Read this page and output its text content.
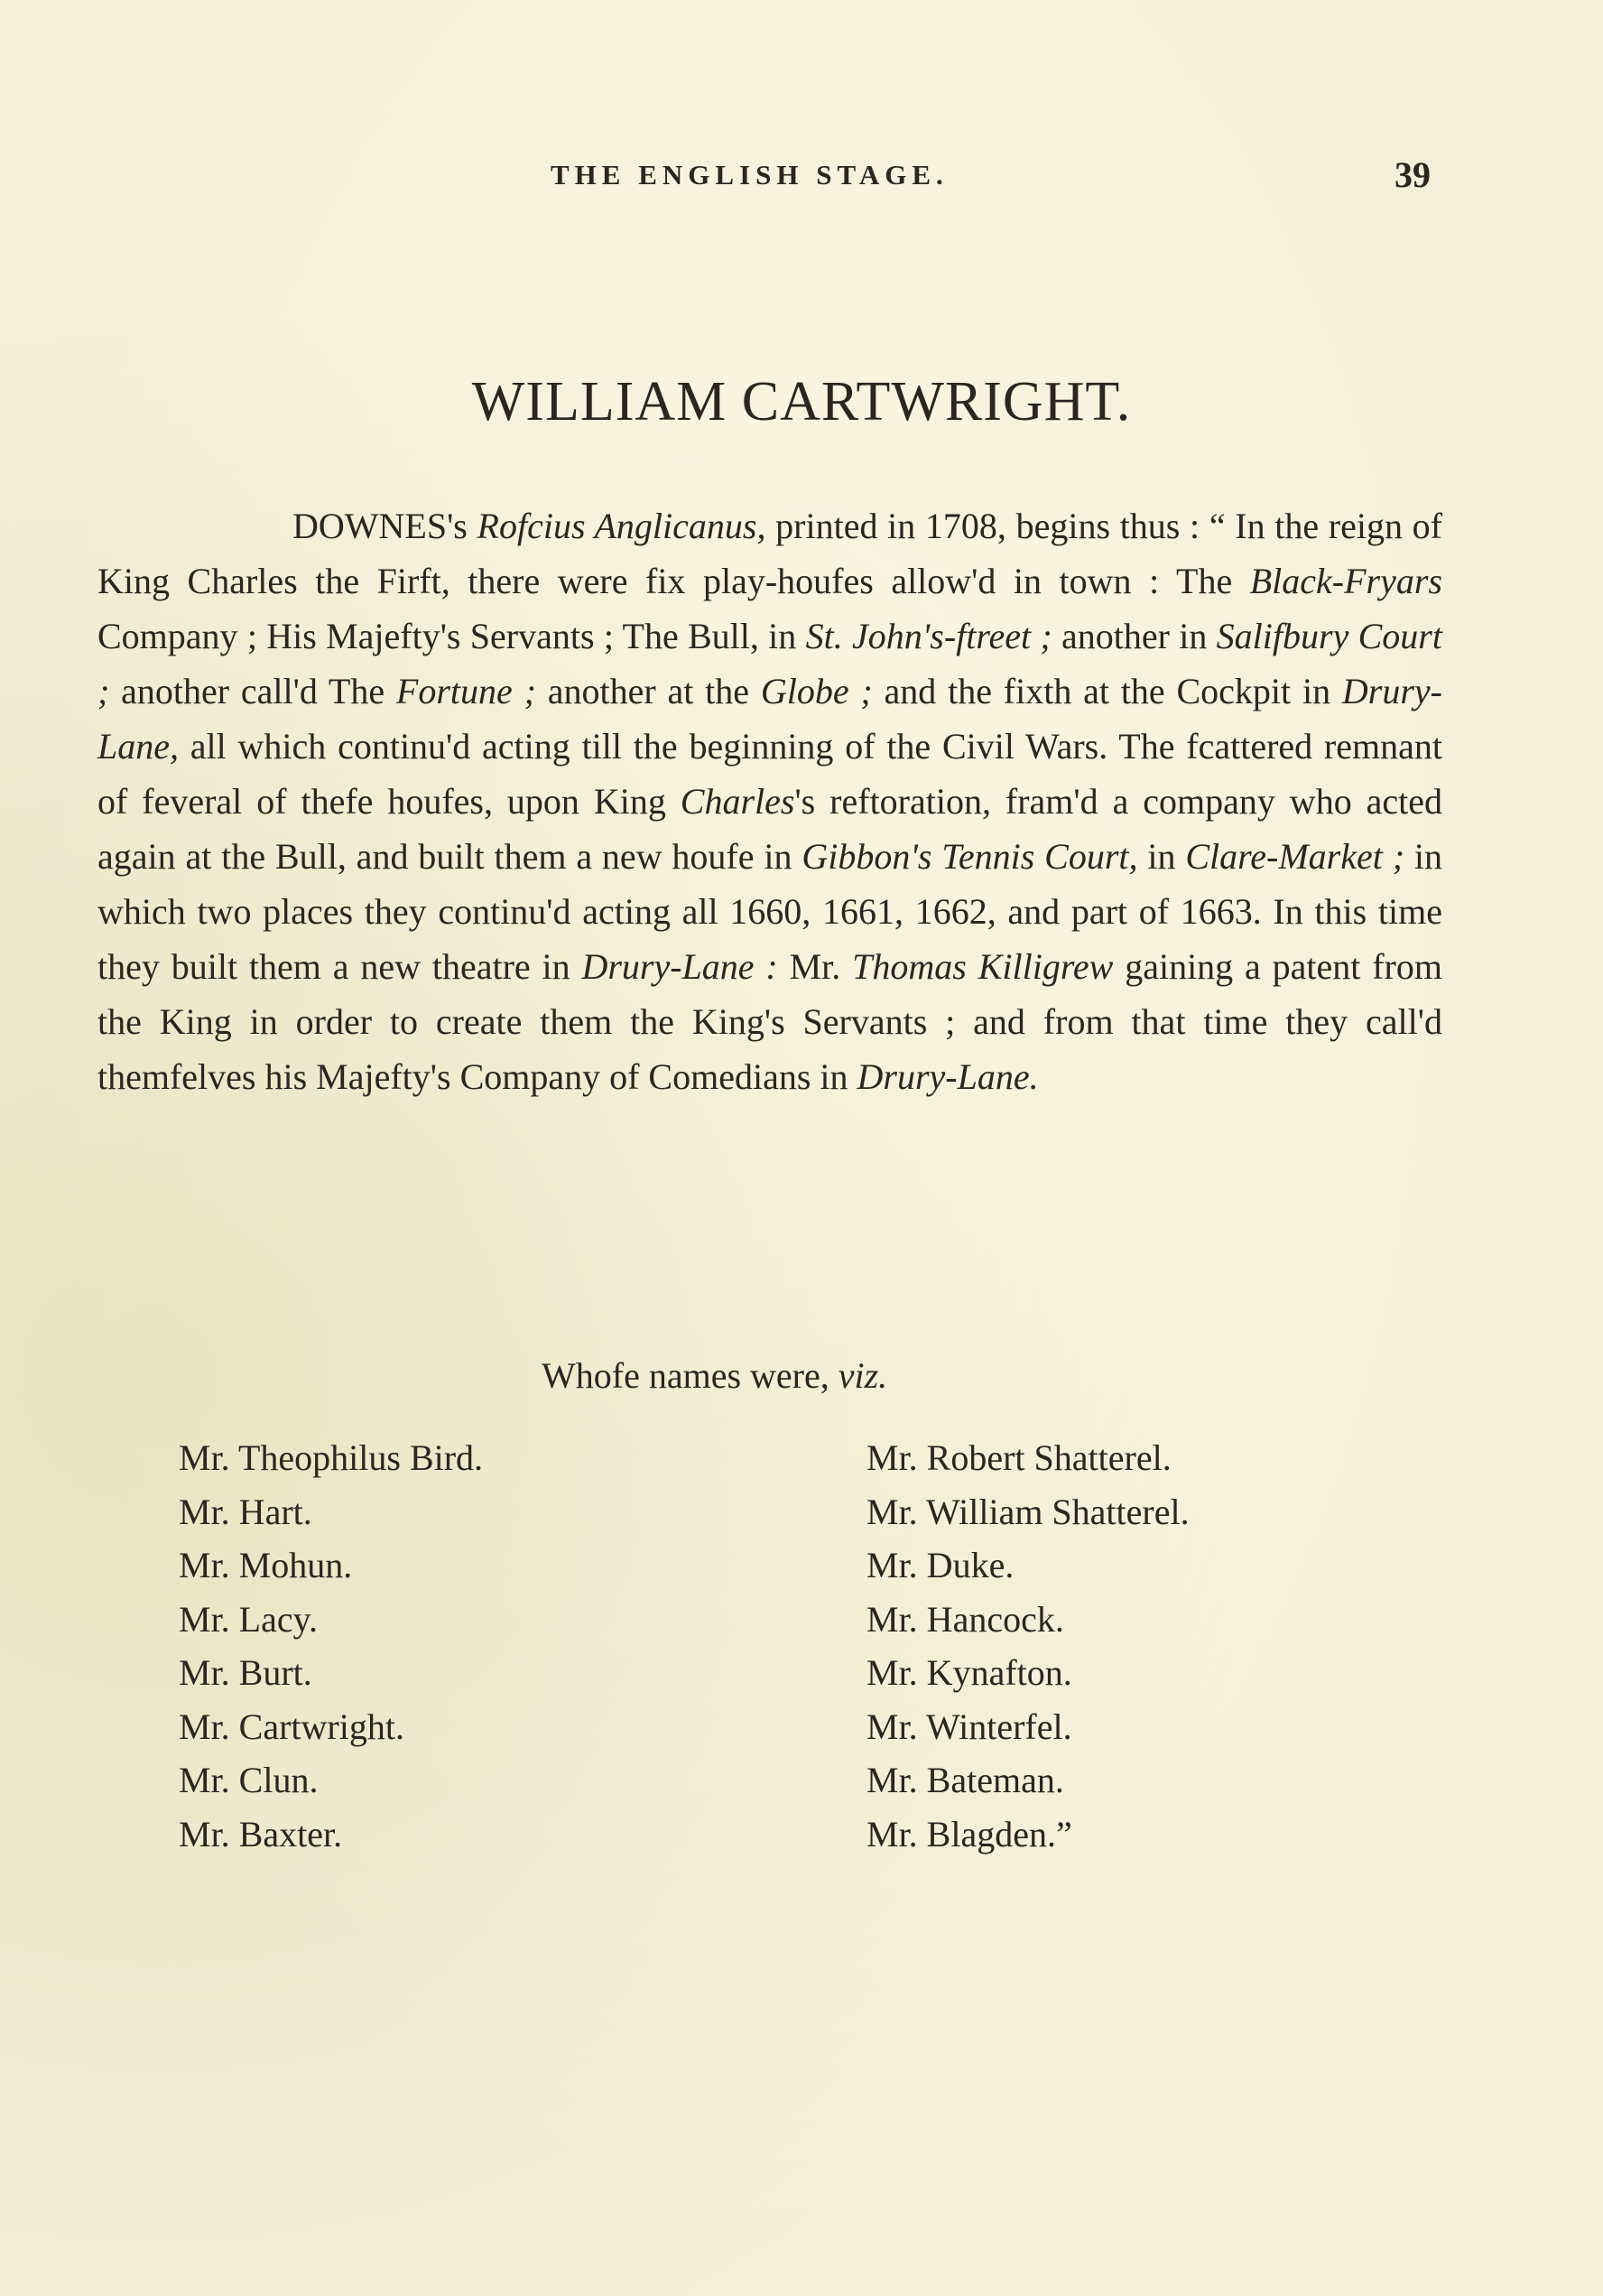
THE ENGLISH STAGE.	39
WILLIAM CARTWRIGHT.

DOWNES's Rofcius Anglicanus, printed in 1708, begins thus : “ In the reign of King Charles the Firft, there were fix play-houfes allow'd in town : The Black-Fryars Company ; His Majefty's Servants ; The Bull, in St. John's-ftreet ; another in Salifbury Court ; another call'd The Fortune ; another at the Globe ; and the fixth at the Cockpit in Drury-Lane, all which continu'd acting till the beginning of the Civil Wars. The fcattered remnant of feveral of thefe houfes, upon King Charles's reftoration, fram'd a company who acted again at the Bull, and built them a new houfe in Gibbon's Tennis Court, in Clare-Market ; in which two places they continu'd acting all 1660, 1661, 1662, and part of 1663. In this time they built them a new theatre in Drury-Lane : Mr. Thomas Killigrew gaining a patent from the King in order to create them the King's Servants ; and from that time they call'd themfelves his Majefty's Company of Comedians in Drury-Lane.

Whofe names were, viz.
Mr. Theophilus Bird.
Mr. Hart.
Mr. Mohun.
Mr. Lacy.
Mr. Burt.
Mr. Cartwright.
Mr. Clun.
Mr. Baxter.
Mr. Robert Shatterel.
Mr. William Shatterel.
Mr. Duke.
Mr. Hancock.
Mr. Kynafton.
Mr. Winterfel.
Mr. Bateman.
Mr. Blagden.”
